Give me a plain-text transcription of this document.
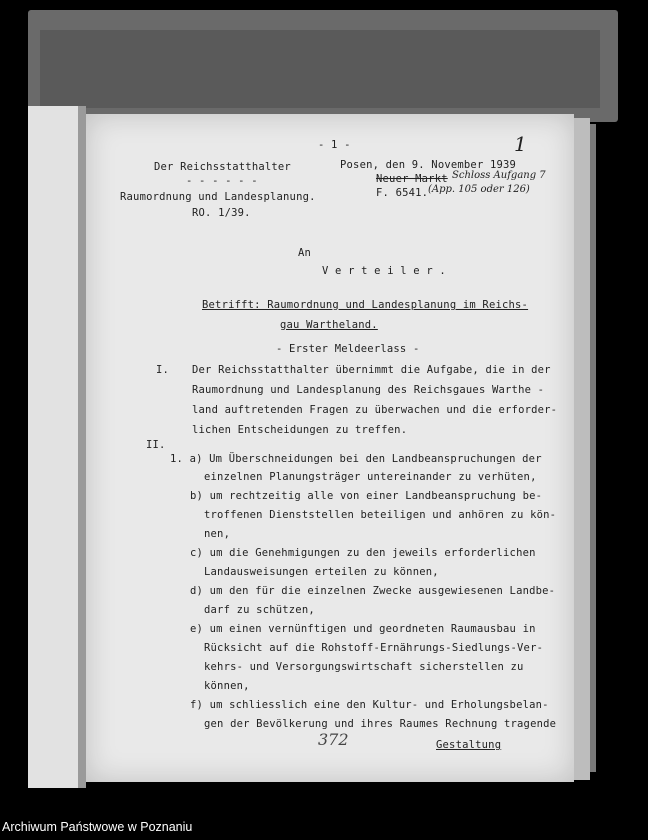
- 1 -	1
Der Reichsstatthalter
- - - - - -
Raumordnung und Landesplanung.
RO. 1/39.
Posen, den 9. November 1939
Neuer Markt Schloss Aufgang 7
F. 6541. (App. 105 oder 126)
An
V e r t e i l e r .
Betrifft: Raumordnung und Landesplanung im Reichs-
gau Wartheland.
- Erster Meldeerlass -
I. Der Reichsstatthalter übernimmt die Aufgabe, die in der
Raumordnung und Landesplanung des Reichsgaues Warthe -
land auftretenden Fragen zu überwachen und die erforder-
lichen Entscheidungen zu treffen.
II.
1. a) Um Überschneidungen bei den Landbeanspruchungen der
einzelnen Planungsträger untereinander zu verhüten,
b) um rechtzeitig alle von einer Landbeanspruchung be-
troffenen Dienststellen beteiligen und anhören zu kön-
nen,
c) um die Genehmigungen zu den jeweils erforderlichen
Landausweisungen erteilen zu können,
d) um den für die einzelnen Zwecke ausgewiesenen Landbe-
darf zu schützen,
e) um einen vernünftigen und geordneten Raumausbau in
Rücksicht auf die Rohstoff-Ernährungs-Siedlungs-Ver-
kehrs- und Versorgungswirtschaft sicherstellen zu
können,
f) um schliesslich eine den Kultur- und Erholungsbelan-
gen der Bevölkerung und ihres Raumes Rechnung tragende
Gestaltung
372
Archiwum Państwowe w Poznaniu
